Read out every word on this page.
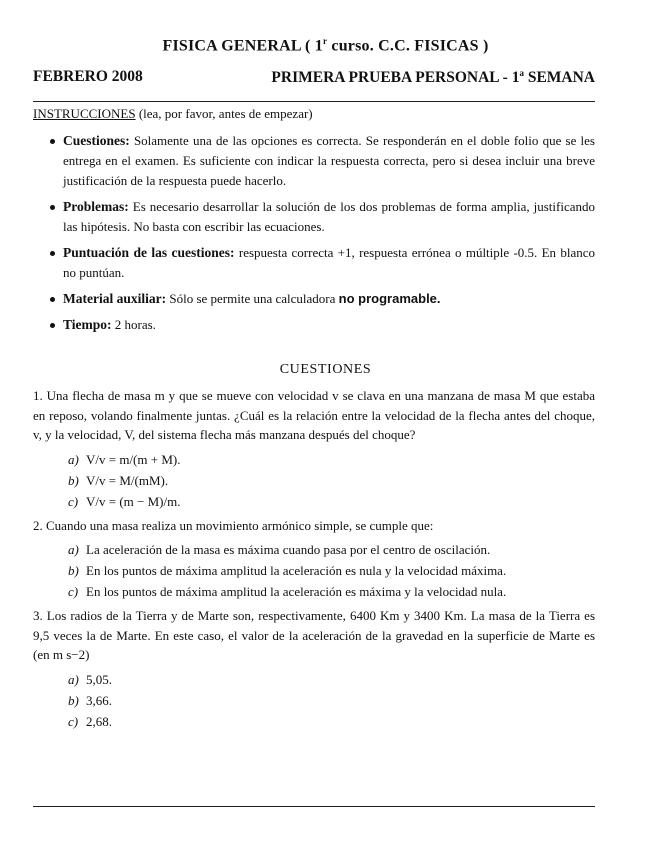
FISICA GENERAL ( 1$^r$ curso. C.C. FISICAS )
FEBRERO 2008	PRIMERA PRUEBA PERSONAL - 1$^a$ SEMANA
INSTRUCCIONES (lea, por favor, antes de empezar)
Cuestiones: Solamente una de las opciones es correcta. Se responderán en el doble folio que se les entrega en el examen. Es suficiente con indicar la respuesta correcta, pero si desea incluir una breve justificación de la respuesta puede hacerlo.
Problemas: Es necesario desarrollar la solución de los dos problemas de forma amplia, justificando las hipótesis. No basta con escribir las ecuaciones.
Puntuación de las cuestiones: respuesta correcta +1, respuesta errónea o múltiple -0.5. En blanco no puntúan.
Material auxiliar: Sólo se permite una calculadora no programable.
Tiempo: 2 horas.
CUESTIONES
1. Una flecha de masa m y que se mueve con velocidad v se clava en una manzana de masa M que estaba en reposo, volando finalmente juntas. ¿Cuál es la relación entre la velocidad de la flecha antes del choque, v, y la velocidad, V, del sistema flecha más manzana después del choque?
a) V/v = m/(m + M).
b) V/v = M/(mM).
c) V/v = (m − M)/m.
2. Cuando una masa realiza un movimiento armónico simple, se cumple que:
a) La aceleración de la masa es máxima cuando pasa por el centro de oscilación.
b) En los puntos de máxima amplitud la aceleración es nula y la velocidad máxima.
c) En los puntos de máxima amplitud la aceleración es máxima y la velocidad nula.
3. Los radios de la Tierra y de Marte son, respectivamente, 6400 Km y 3400 Km. La masa de la Tierra es 9,5 veces la de Marte. En este caso, el valor de la aceleración de la gravedad en la superficie de Marte es (en m s−2)
a) 5,05.
b) 3,66.
c) 2,68.
